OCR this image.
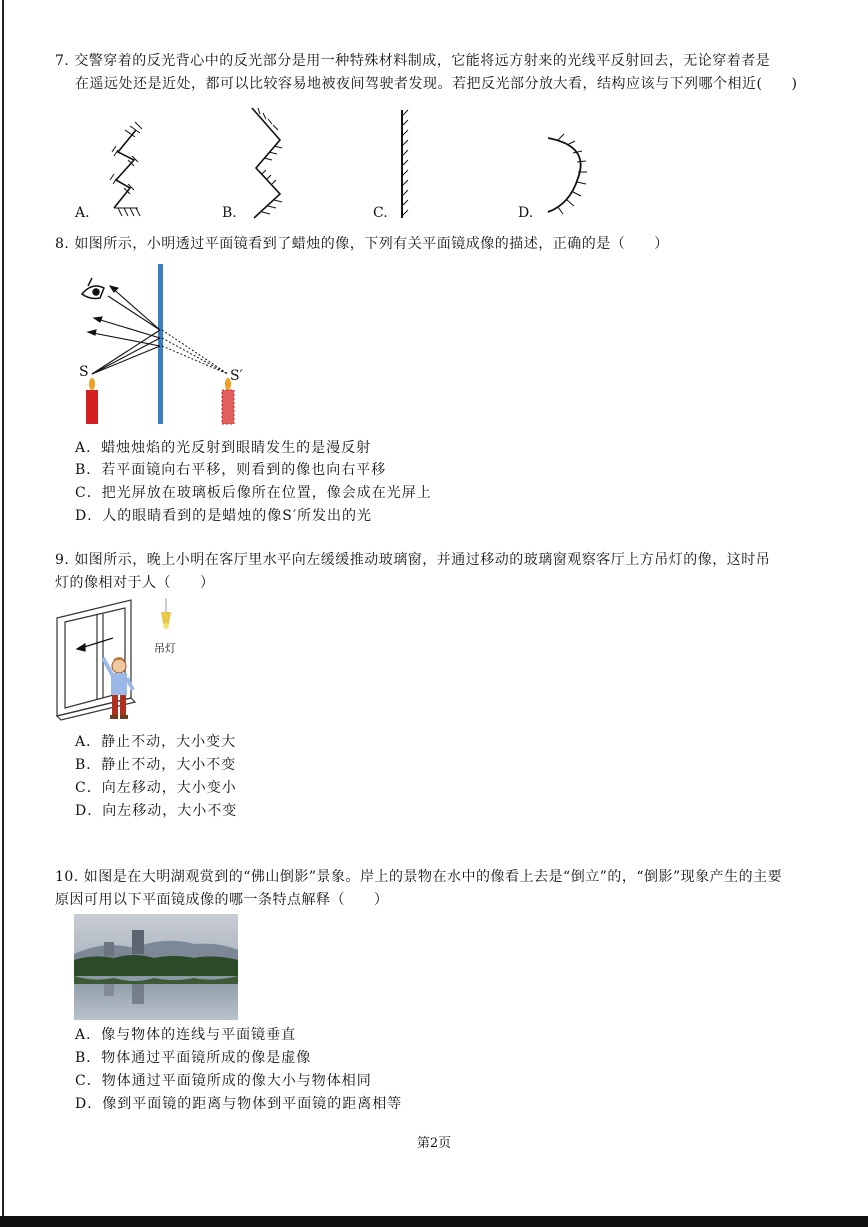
7. 交警穿着的反光背心中的反光部分是用一种特殊材料制成，它能将远方射来的光线平反射回去，无论穿着者是
在遥远处还是近处，都可以比较容易地被夜间驾驶者发现。若把反光部分放大看，结构应该与下列哪个相近(　　)
A.	B.	C.	D.
8. 如图所示，小明透过平面镜看到了蜡烛的像，下列有关平面镜成像的描述，正确的是（　　）
S	S′
A．蜡烛烛焰的光反射到眼睛发生的是漫反射
B．若平面镜向右平移，则看到的像也向右平移
C．把光屏放在玻璃板后像所在位置，像会成在光屏上
D．人的眼睛看到的是蜡烛的像S′所发出的光
9. 如图所示，晚上小明在客厅里水平向左缓缓推动玻璃窗，并通过移动的玻璃窗观察客厅上方吊灯的像，这时吊
灯的像相对于人（　　）
吊灯
A．静止不动，大小变大
B．静止不动，大小不变
C．向左移动，大小变小
D．向左移动，大小不变
10. 如图是在大明湖观赏到的“佛山倒影”景象。岸上的景物在水中的像看上去是“倒立”的，“倒影”现象产生的主要
原因可用以下平面镜成像的哪一条特点解释（　　）
A．像与物体的连线与平面镜垂直
B．物体通过平面镜所成的像是虚像
C．物体通过平面镜所成的像大小与物体相同
D．像到平面镜的距离与物体到平面镜的距离相等
第2页
